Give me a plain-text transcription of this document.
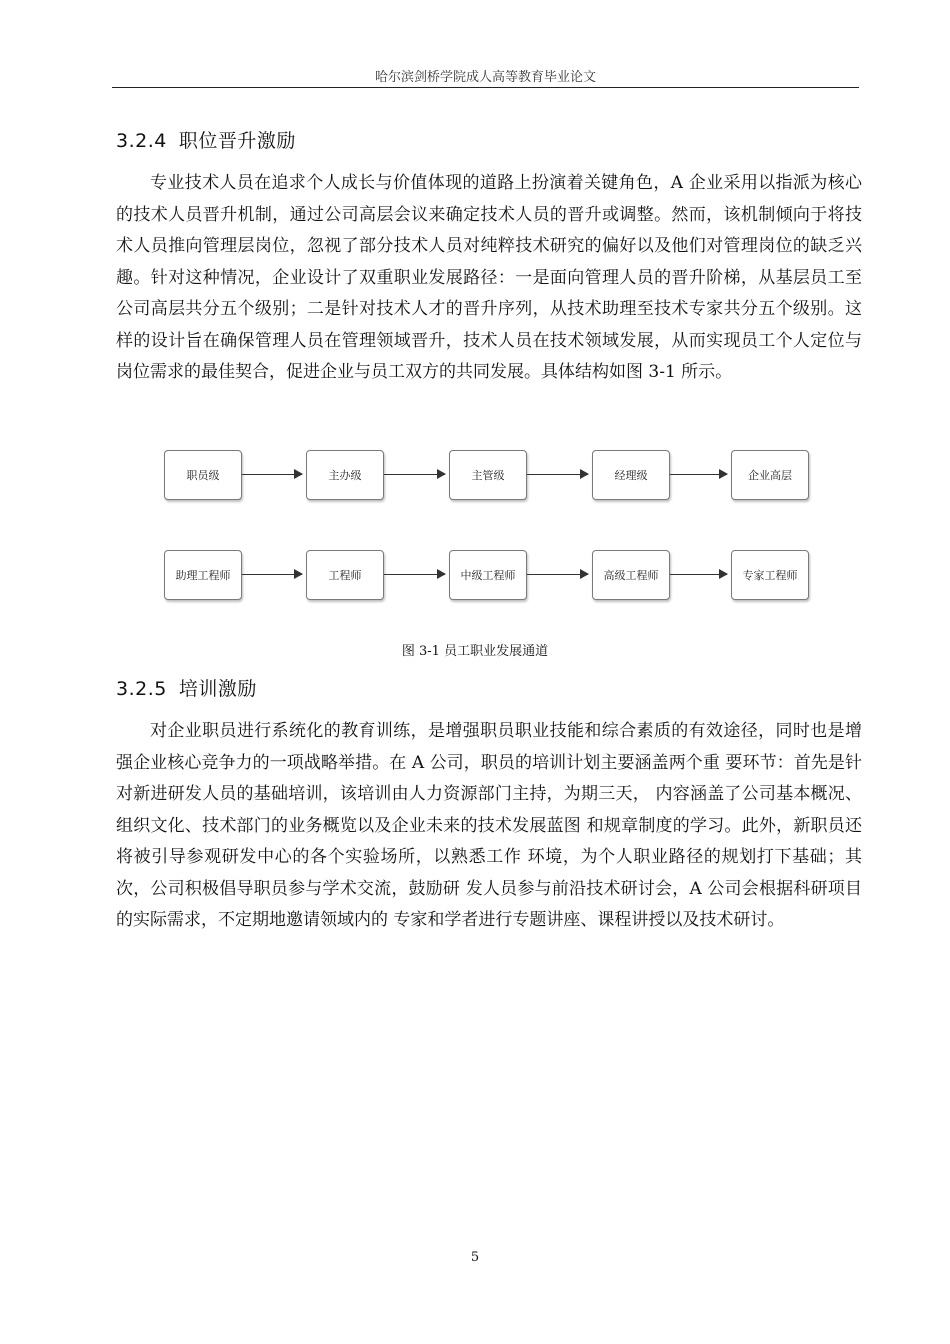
哈尔滨剑桥学院成人高等教育毕业论文
3.2.4 职位晋升激励
专业技术人员在追求个人成长与价值体现的道路上扮演着关键角色，A 企业采用以指派为核心的技术人员晋升机制，通过公司高层会议来确定技术人员的晋升或调整。然而，该机制倾向于将技术人员推向管理层岗位，忽视了部分技术人员对纯粹技术研究的偏好以及他们对管理岗位的缺乏兴趣。针对这种情况，企业设计了双重职业发展路径：一是面向管理人员的晋升阶梯，从基层员工至公司高层共分五个级别；二是针对技术人才的晋升序列，从技术助理至技术专家共分五个级别。这样的设计旨在确保管理人员在管理领域晋升，技术人员在技术领域发展，从而实现员工个人定位与岗位需求的最佳契合，促进企业与员工双方的共同发展。具体结构如图 3-1 所示。
职员级	主办级	主管级	经理级	企业高层
助理工程师	工程师	中级工程师	高级工程师	专家工程师
图 3-1 员工职业发展通道
3.2.5 培训激励
对企业职员进行系统化的教育训练，是增强职员职业技能和综合素质的有效途径，同时也是增强企业核心竞争力的一项战略举措。在 A 公司，职员的培训计划主要涵盖两个重 要环节：首先是针对新进研发人员的基础培训，该培训由人力资源部门主持，为期三天， 内容涵盖了公司基本概况、组织文化、技术部门的业务概览以及企业未来的技术发展蓝图 和规章制度的学习。此外，新职员还将被引导参观研发中心的各个实验场所，以熟悉工作 环境，为个人职业路径的规划打下基础；其次，公司积极倡导职员参与学术交流，鼓励研 发人员参与前沿技术研讨会，A 公司会根据科研项目的实际需求，不定期地邀请领域内的 专家和学者进行专题讲座、课程讲授以及技术研讨。
5
